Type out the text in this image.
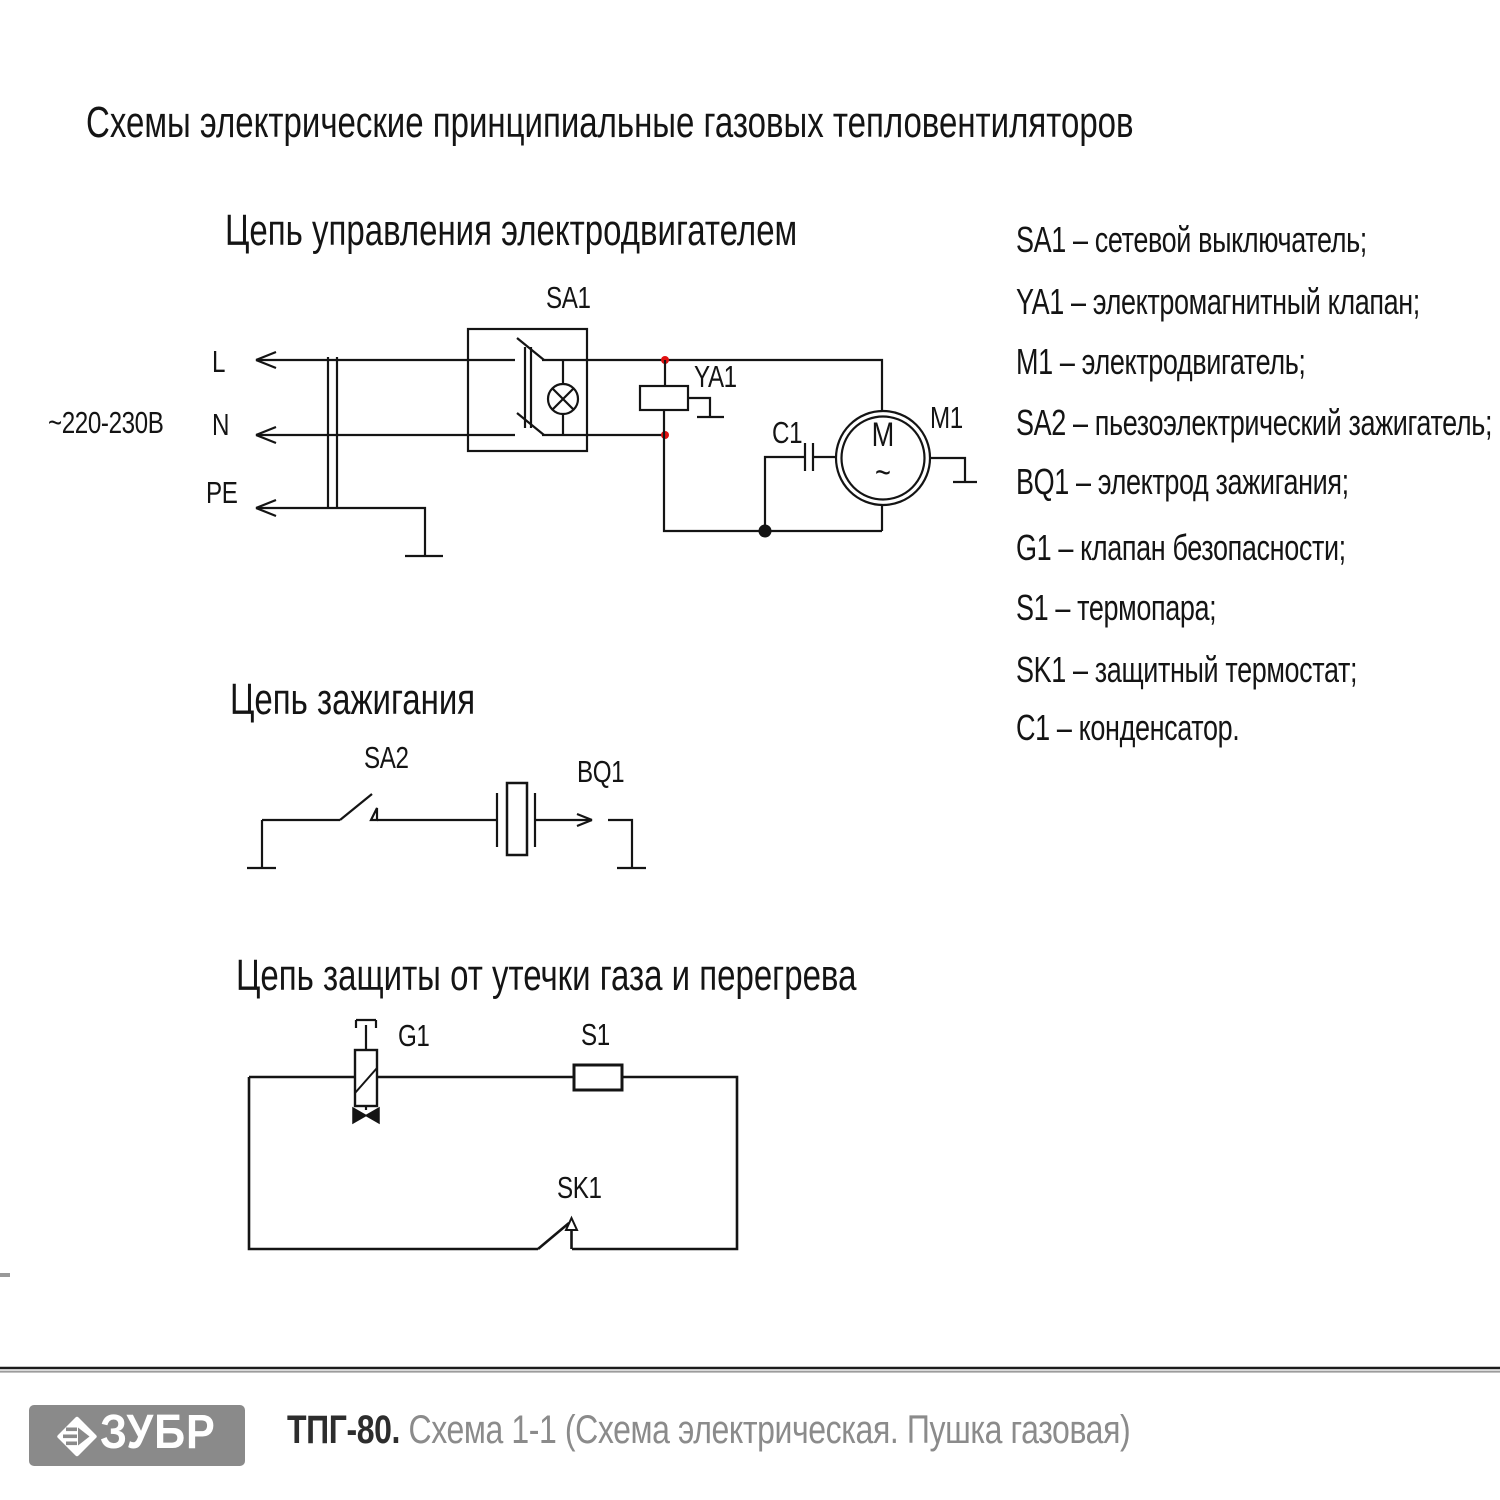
Схемы электрические принципиальные газовых тепловентиляторов
Цепь управления электродвигателем
~220-230В
L
N
PE
SA1
YA1
C1	M1
М
~
Цепь зажигания
SA2	BQ1
Цепь защиты от утечки газа и перегрева
G1	S1
SK1
SA1 – сетевой выключатель;
YA1 – электромагнитный клапан;
M1 – электродвигатель;
SA2 – пьезоэлектрический зажигатель;
BQ1 – электрод зажигания;
G1 – клапан безопасности;
S1 – термопара;
SK1 – защитный термостат;
C1 – конденсатор.
ЗУБР ТПГ-80. Схема 1-1 (Схема электрическая. Пушка газовая)
